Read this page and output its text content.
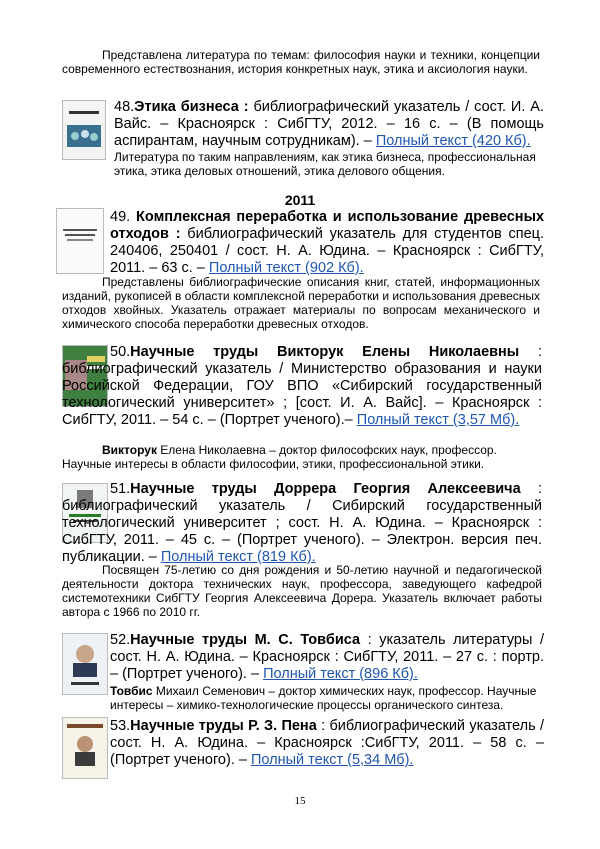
Представлена литература по темам: философия науки и техники, концепции современного естествознания, история конкретных наук, этика и аксиология науки.
48.Этика бизнеса : библиографический указатель / сост. И. А. Вайс. – Красноярск : СибГТУ, 2012. – 16 с. – (В помощь аспирантам, научным сотрудникам). – Полный текст (420 Кб).
Литература по таким направлениям, как этика бизнеса, профессиональная этика, этика деловых отношений, этика делового общения.
2011
49. Комплексная переработка и использование древесных отходов : библиографический указатель для студентов спец. 240406, 250401 / сост. Н. А. Юдина. – Красноярск : СибГТУ, 2011. – 63 с. – Полный текст (902 Кб).
Представлены библиографические описания книг, статей, информационных изданий, рукописей в области комплексной переработки и использования древесных отходов хвойных. Указатель отражает материалы по вопросам механического и химического способа переработки древесных отходов.
50.Научные труды Викторук Елены Николаевны : библиографический указатель / Министерство образования и науки Российской Федерации, ГОУ ВПО «Сибирский государственный технологический университет» ; [сост. И. А. Вайс]. – Красноярск : СибГТУ, 2011. – 54 с. – (Портрет ученого).– Полный текст (3,57 Мб).
Викторук Елена Николаевна – доктор философских наук, профессор. Научные интересы в области философии, этики, профессиональной этики.
51.Научные труды Доррера Георгия Алексеевича : библиографический указатель / Сибирский государственный технологический университет ; сост. Н. А. Юдина. – Красноярск : СибГТУ, 2011. – 45 с. – (Портрет ученого). – Электрон. версия печ. публикации. – Полный текст (819 Кб).
Посвящен 75-летию со дня рождения и 50-летию научной и педагогической деятельности доктора технических наук, профессора, заведующего кафедрой системотехники СибГТУ Георгия Алексеевича Дорера. Указатель включает работы автора с 1966 по 2010 гг.
52.Научные труды М. С. Товбиса : указатель литературы / сост. Н. А. Юдина. – Красноярск : СибГТУ, 2011. – 27 с. : портр. – (Портрет ученого). – Полный текст (896 Кб).
Товбис Михаил Семенович – доктор химических наук, профессор. Научные интересы – химико-технологические процессы органического синтеза.
53.Научные труды Р. З. Пена : библиографический указатель / сост. Н. А. Юдина. – Красноярск :СибГТУ, 2011. – 58 с. – (Портрет ученого). – Полный текст (5,34 Мб).
15
